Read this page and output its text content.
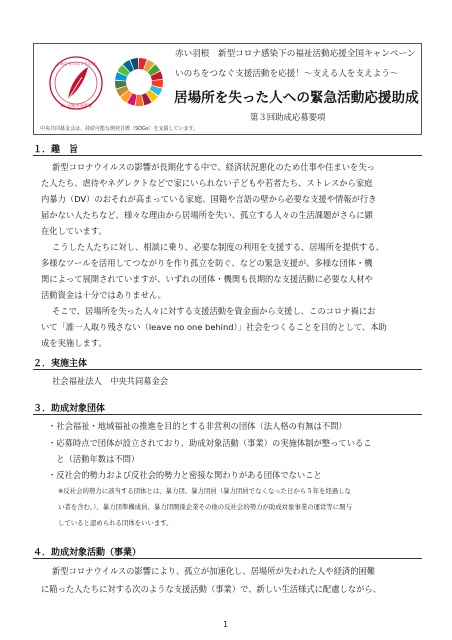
しあわせのおすそわけ
赤い羽根共同募金
赤い羽根　新型コロナ感染下の福祉活動応援全国キャンペーン
いのちをつなぐ支援活動を応援！～支える人を支えよう～
居場所を失った人への緊急活動応援助成
第３回助成応募要項
中央共同募金会は、持続可能な開発目標（SDGs）を支援しています。
１．趣　旨
新型コロナウイルスの影響が長期化する中で、経済状況悪化のため仕事や住まいを失っ
た人たち、虐待やネグレクトなどで家にいられない子どもや若者たち、ストレスから家庭
内暴力（DV）のおそれが高まっている家庭、国籍や言語の壁から必要な支援や情報が行き
届かない人たちなど、様々な理由から居場所を失い、孤立する人々の生活課題がさらに顕
在化しています。
こうした人たちに対し、相談に乗り、必要な制度の利用を支援する、居場所を提供する、
多様なツールを活用してつながりを作り孤立を防ぐ、などの緊急支援が、多様な団体・機
関によって展開されていますが、いずれの団体・機関も長期的な支援活動に必要な人材や
活動資金は十分ではありません。
そこで、居場所を失った人々に対する支援活動を資金面から支援し、このコロナ禍にお
いて「誰一人取り残さない（leave no one behind）」社会をつくることを目的として、本助
成を実施します。
２．実施主体
社会福祉法人　中央共同募金会
３．助成対象団体
・社会福祉・地域福祉の推進を目的とする非営利の団体（法人格の有無は不問）
・応募時点で団体が設立されており、助成対象活動（事業）の実施体制が整っているこ
　と（活動年数は不問）
・反社会的勢力および反社会的勢力と密接な関わりがある団体でないこと
※反社会的勢力に該当する団体とは、暴力団、暴力団員（暴力団員でなくなった日から５年を経過しな
い者を含む。）、暴力団準構成員、暴力団関係企業その他の反社会的勢力が助成対象事業の運営等に関与
していると認められる団体をいいます。
４．助成対象活動（事業）
新型コロナウイルスの影響により、孤立が加速化し、居場所が失われた人や経済的困難
に陥った人たちに対する次のような支援活動（事業）で、新しい生活様式に配慮しながら、
1
